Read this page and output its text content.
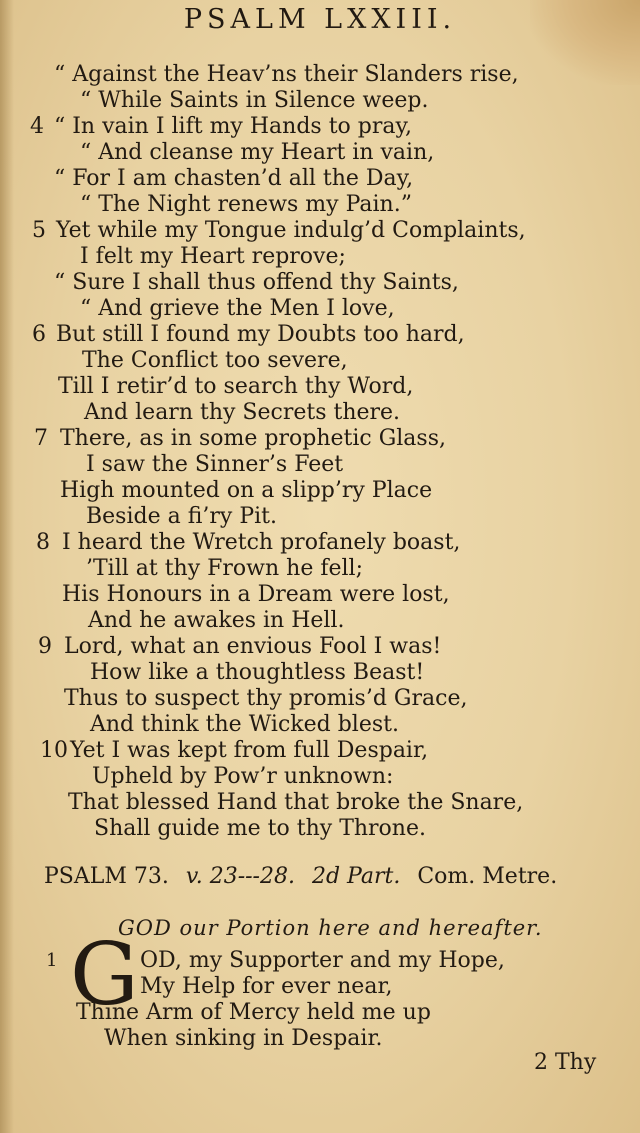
PSALM LXXIII.
“ Against the Heav’ns their Slanders rise,
“ While Saints in Silence weep.
4 “ In vain I lift my Hands to pray,
“ And cleanse my Heart in vain,
“ For I am chasten’d all the Day,
“ The Night renews my Pain.”
5 Yet while my Tongue indulg’d Complaints,
I felt my Heart reprove;
“ Sure I shall thus offend thy Saints,
“ And grieve the Men I love,
6 But still I found my Doubts too hard,
The Conflict too severe,
Till I retir’d to search thy Word,
And learn thy Secrets there.
7 There, as in some prophetic Glass,
I saw the Sinner’s Feet
High mounted on a slipp’ry Place
Beside a fi’ry Pit.
8 I heard the Wretch profanely boast,
’Till at thy Frown he fell;
His Honours in a Dream were lost,
And he awakes in Hell.
9 Lord, what an envious Fool I was!
How like a thoughtless Beast!
Thus to suspect thy promis’d Grace,
And think the Wicked blest.
10 Yet I was kept from full Despair,
Upheld by Pow’r unknown:
That blessed Hand that broke the Snare,
Shall guide me to thy Throne.
PSALM 73. v. 23---28. 2d Part. Com. Metre.
GOD our Portion here and hereafter.
1 G OD, my Supporter and my Hope,
My Help for ever near,
Thine Arm of Mercy held me up
When sinking in Despair.
2 Thy
